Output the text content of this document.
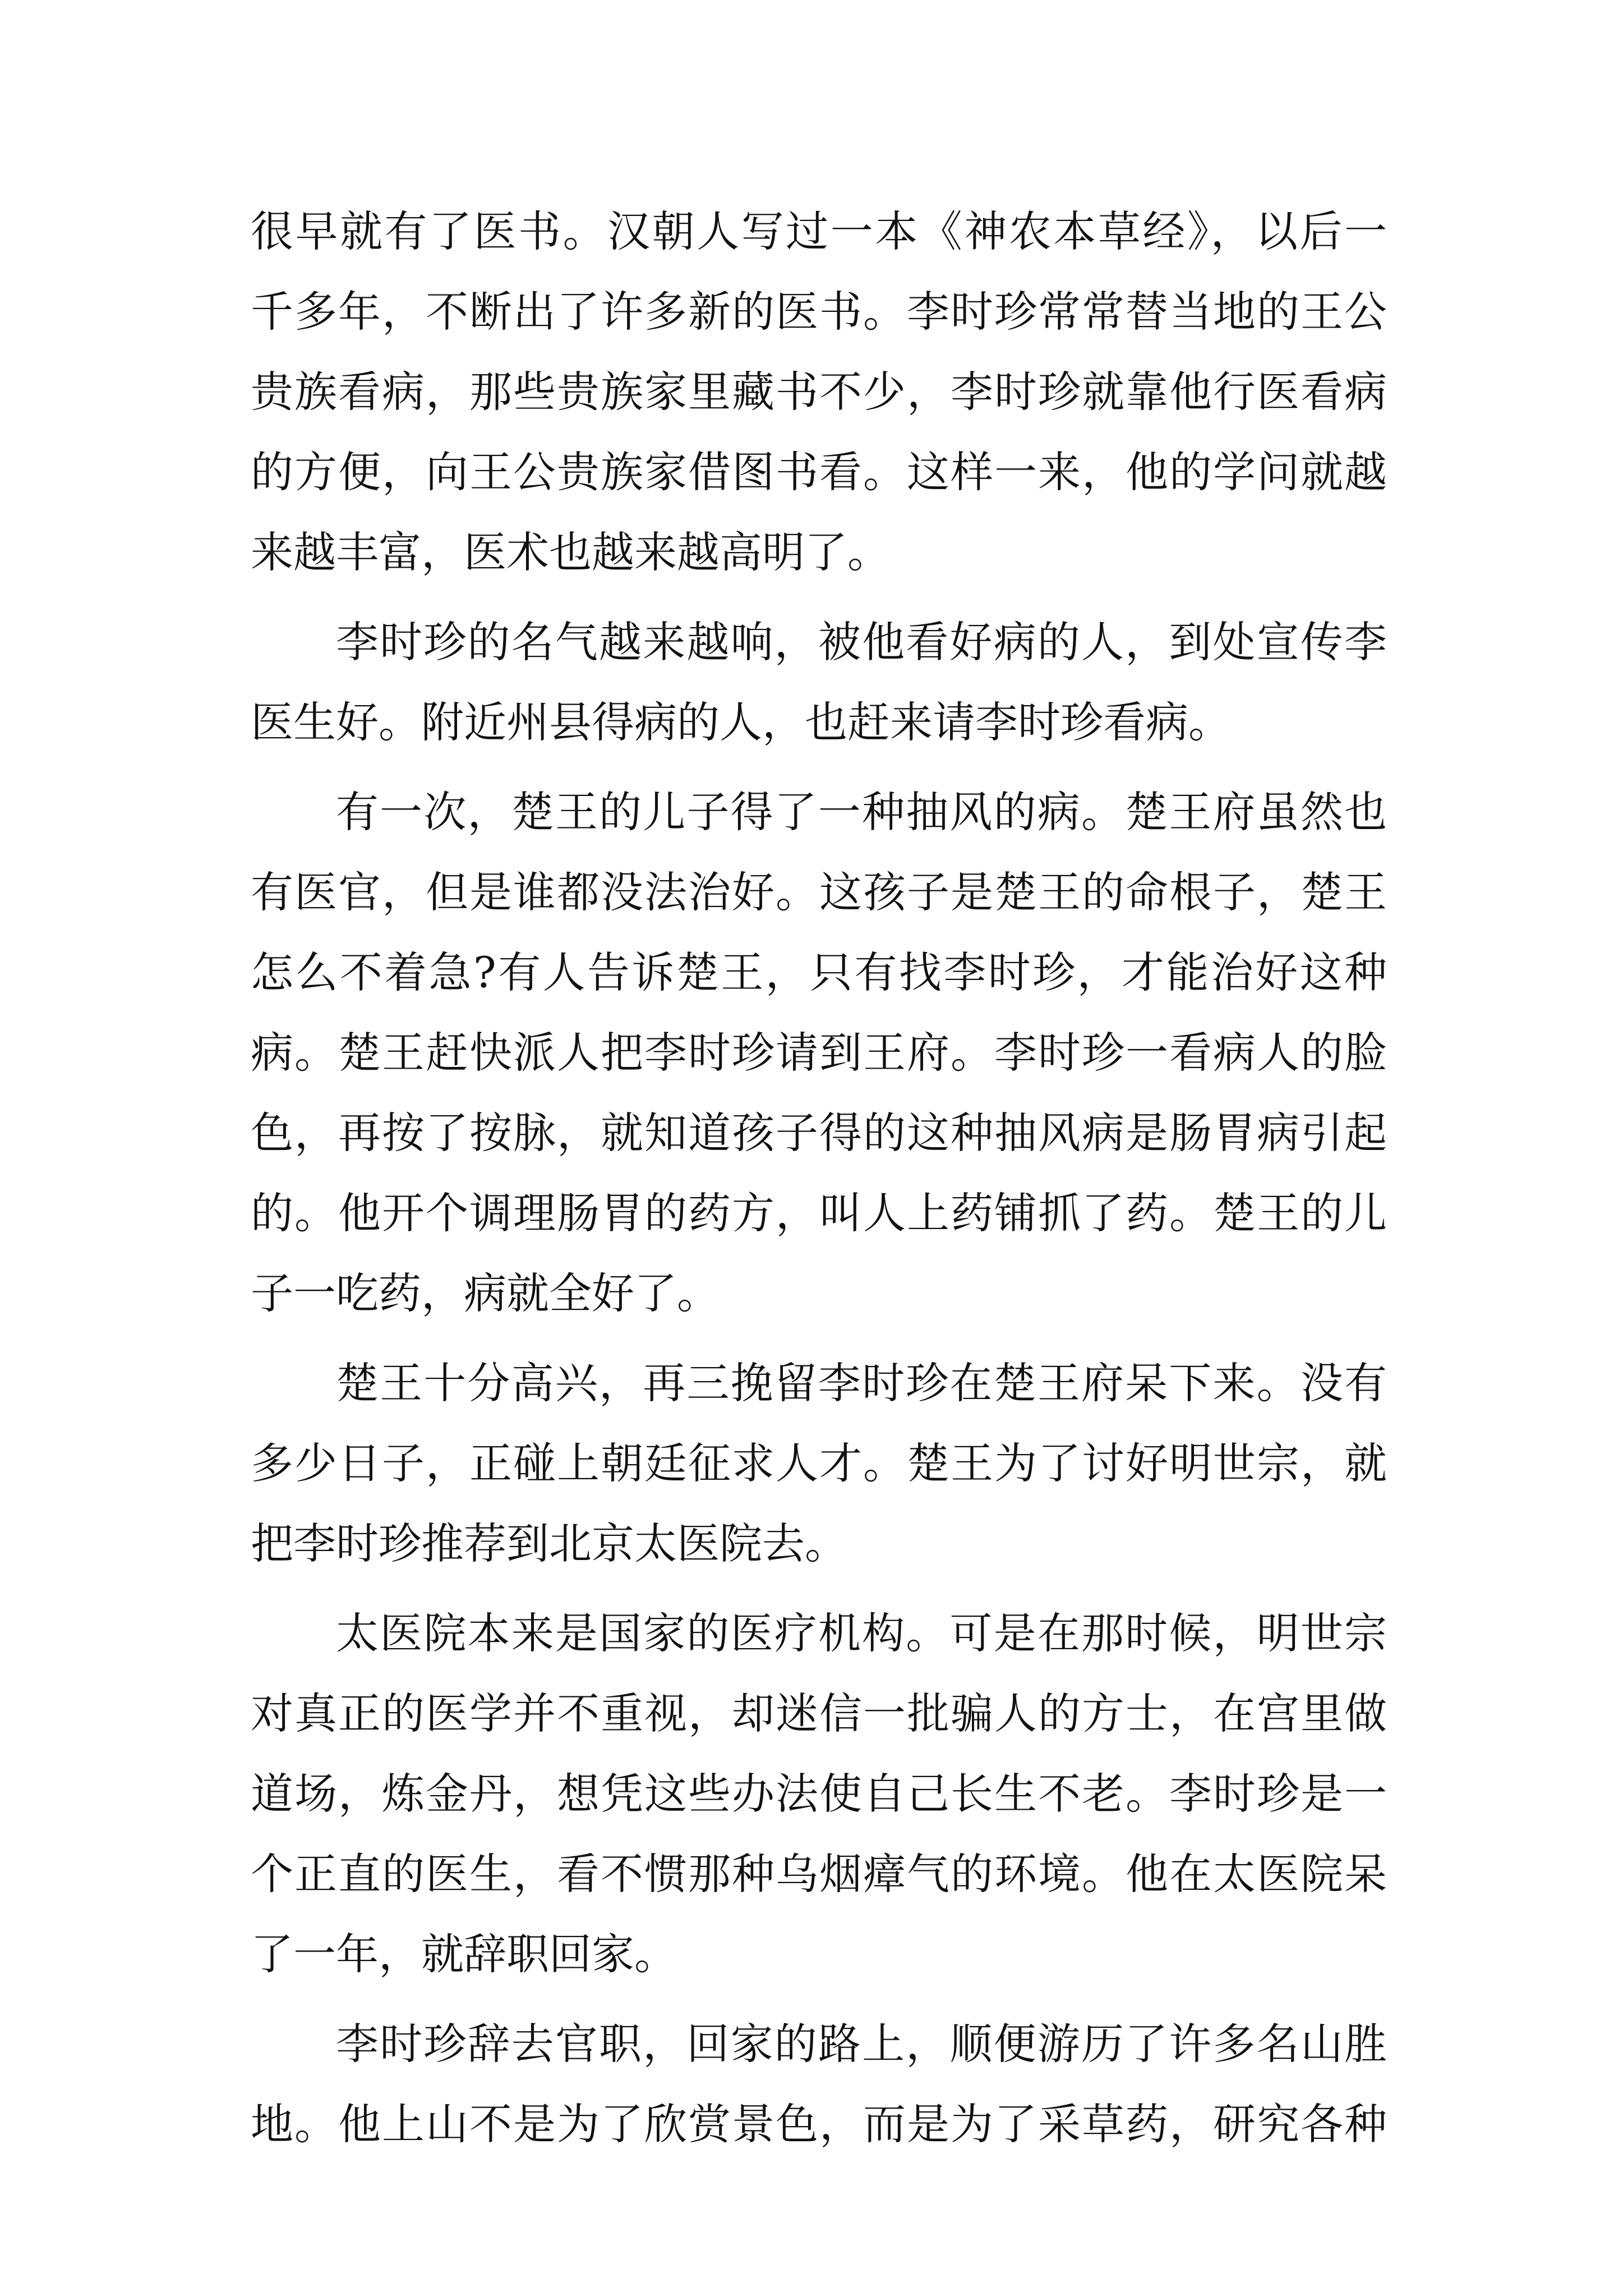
很早就有了医书。汉朝人写过一本《神农本草经》，以后一
千多年，不断出了许多新的医书。李时珍常常替当地的王公
贵族看病，那些贵族家里藏书不少，李时珍就靠他行医看病
的方便，向王公贵族家借图书看。这样一来，他的学问就越
来越丰富，医术也越来越高明了。
李时珍的名气越来越响，被他看好病的人，到处宣传李
医生好。附近州县得病的人，也赶来请李时珍看病。
有一次，楚王的儿子得了一种抽风的病。楚王府虽然也
有医官，但是谁都没法治好。这孩子是楚王的命根子，楚王
怎么不着急?有人告诉楚王，只有找李时珍，才能治好这种
病。楚王赶快派人把李时珍请到王府。李时珍一看病人的脸
色，再按了按脉，就知道孩子得的这种抽风病是肠胃病引起
的。他开个调理肠胃的药方，叫人上药铺抓了药。楚王的儿
子一吃药，病就全好了。
楚王十分高兴，再三挽留李时珍在楚王府呆下来。没有
多少日子，正碰上朝廷征求人才。楚王为了讨好明世宗，就
把李时珍推荐到北京太医院去。
太医院本来是国家的医疗机构。可是在那时候，明世宗
对真正的医学并不重视，却迷信一批骗人的方士，在宫里做
道场，炼金丹，想凭这些办法使自己长生不老。李时珍是一
个正直的医生，看不惯那种乌烟瘴气的环境。他在太医院呆
了一年，就辞职回家。
李时珍辞去官职，回家的路上，顺便游历了许多名山胜
地。他上山不是为了欣赏景色，而是为了采草药，研究各种
